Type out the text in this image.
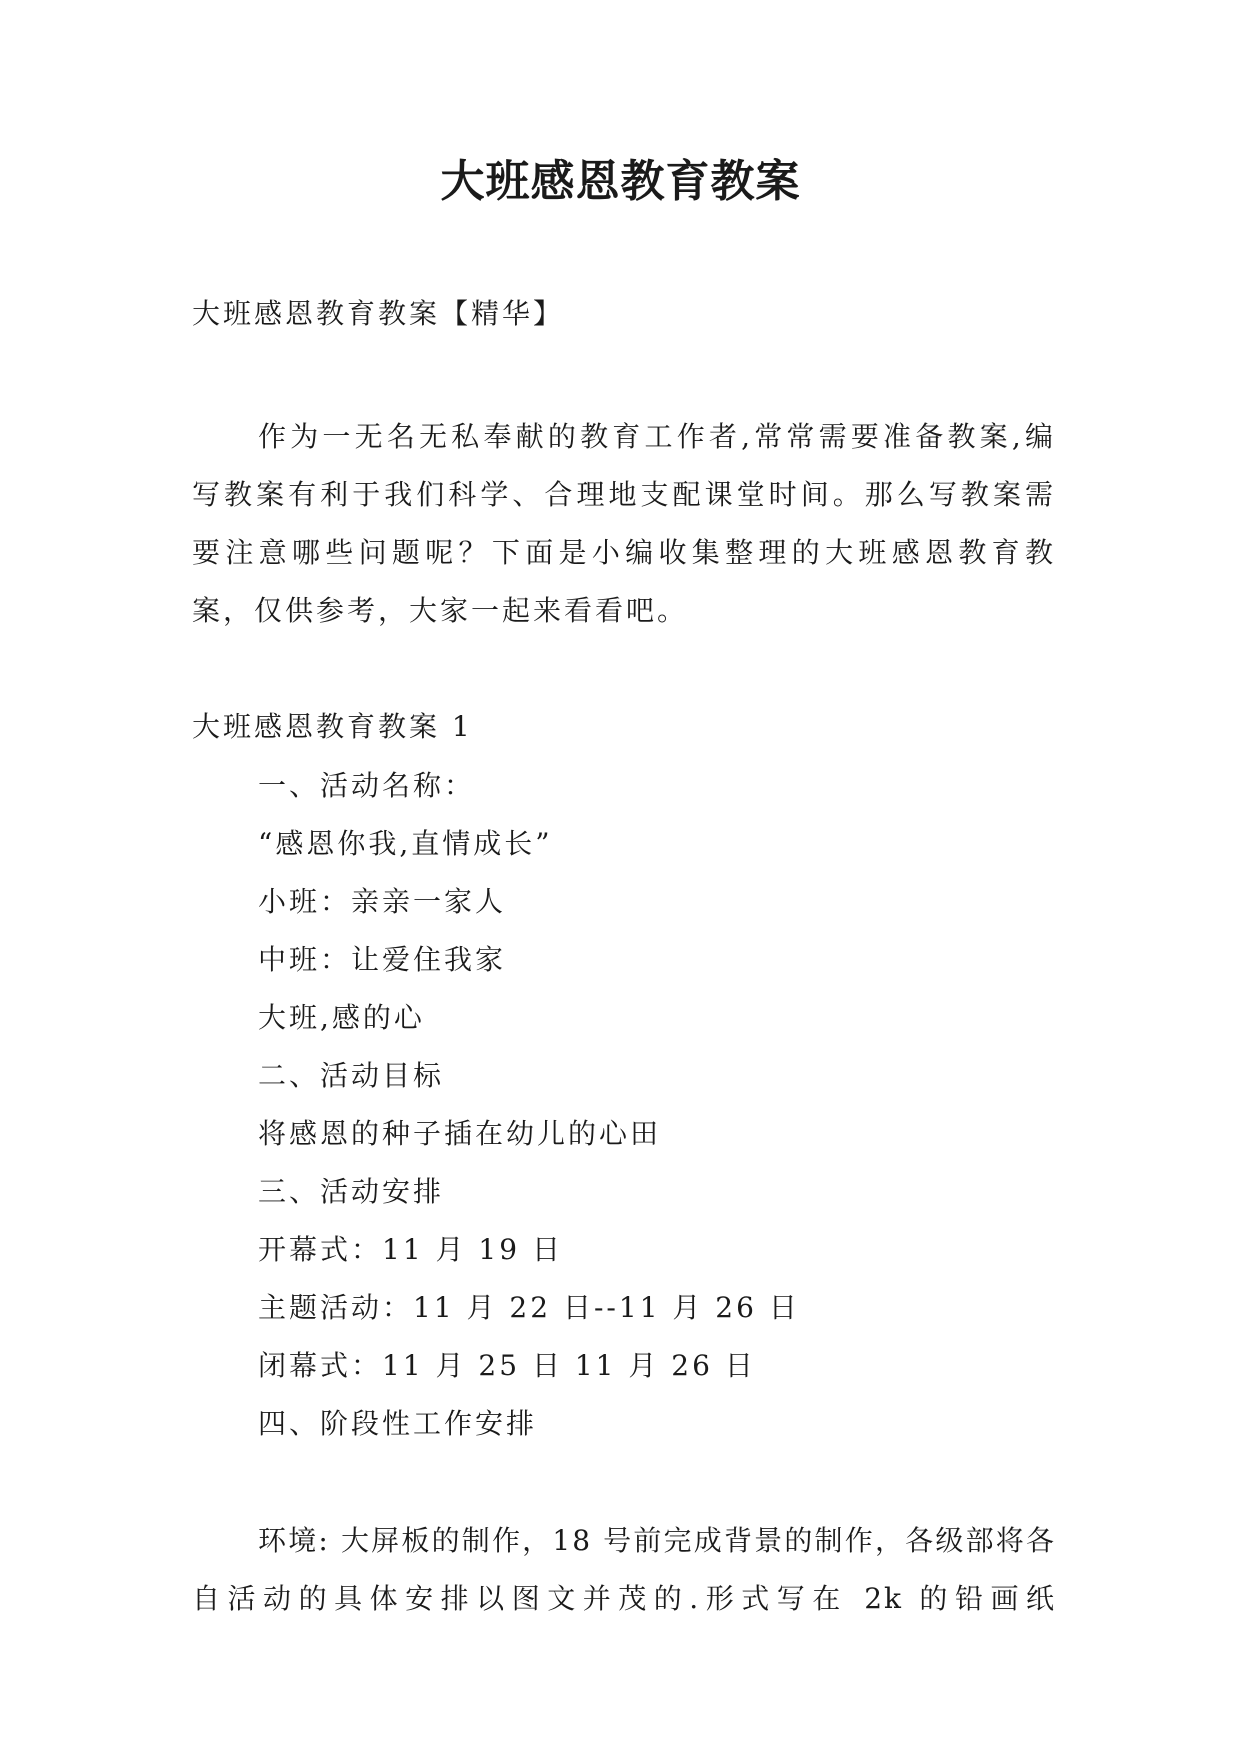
大班感恩教育教案

大班感恩教育教案【精华】

作为一无名无私奉献的教育工作者,常常需要准备教案,编写教案有利于我们科学、合理地支配课堂时间。那么写教案需要注意哪些问题呢？下面是小编收集整理的大班感恩教育教案，仅供参考，大家一起来看看吧。

大班感恩教育教案 1

一、活动名称：
“感恩你我,直情成长”
小班：亲亲一家人
中班：让爱住我家
大班,感的心
二、活动目标
将感恩的种子插在幼儿的心田
三、活动安排
开幕式：11 月 19 日
主题活动：11 月 22 日--11 月 26 日
闭幕式：11 月 25 日 11 月 26 日
四、阶段性工作安排

环境: 大屏板的制作，18 号前完成背景的制作，各级部将各自活动的具体安排以图文并茂的.形式写在 2k 的铅画纸
